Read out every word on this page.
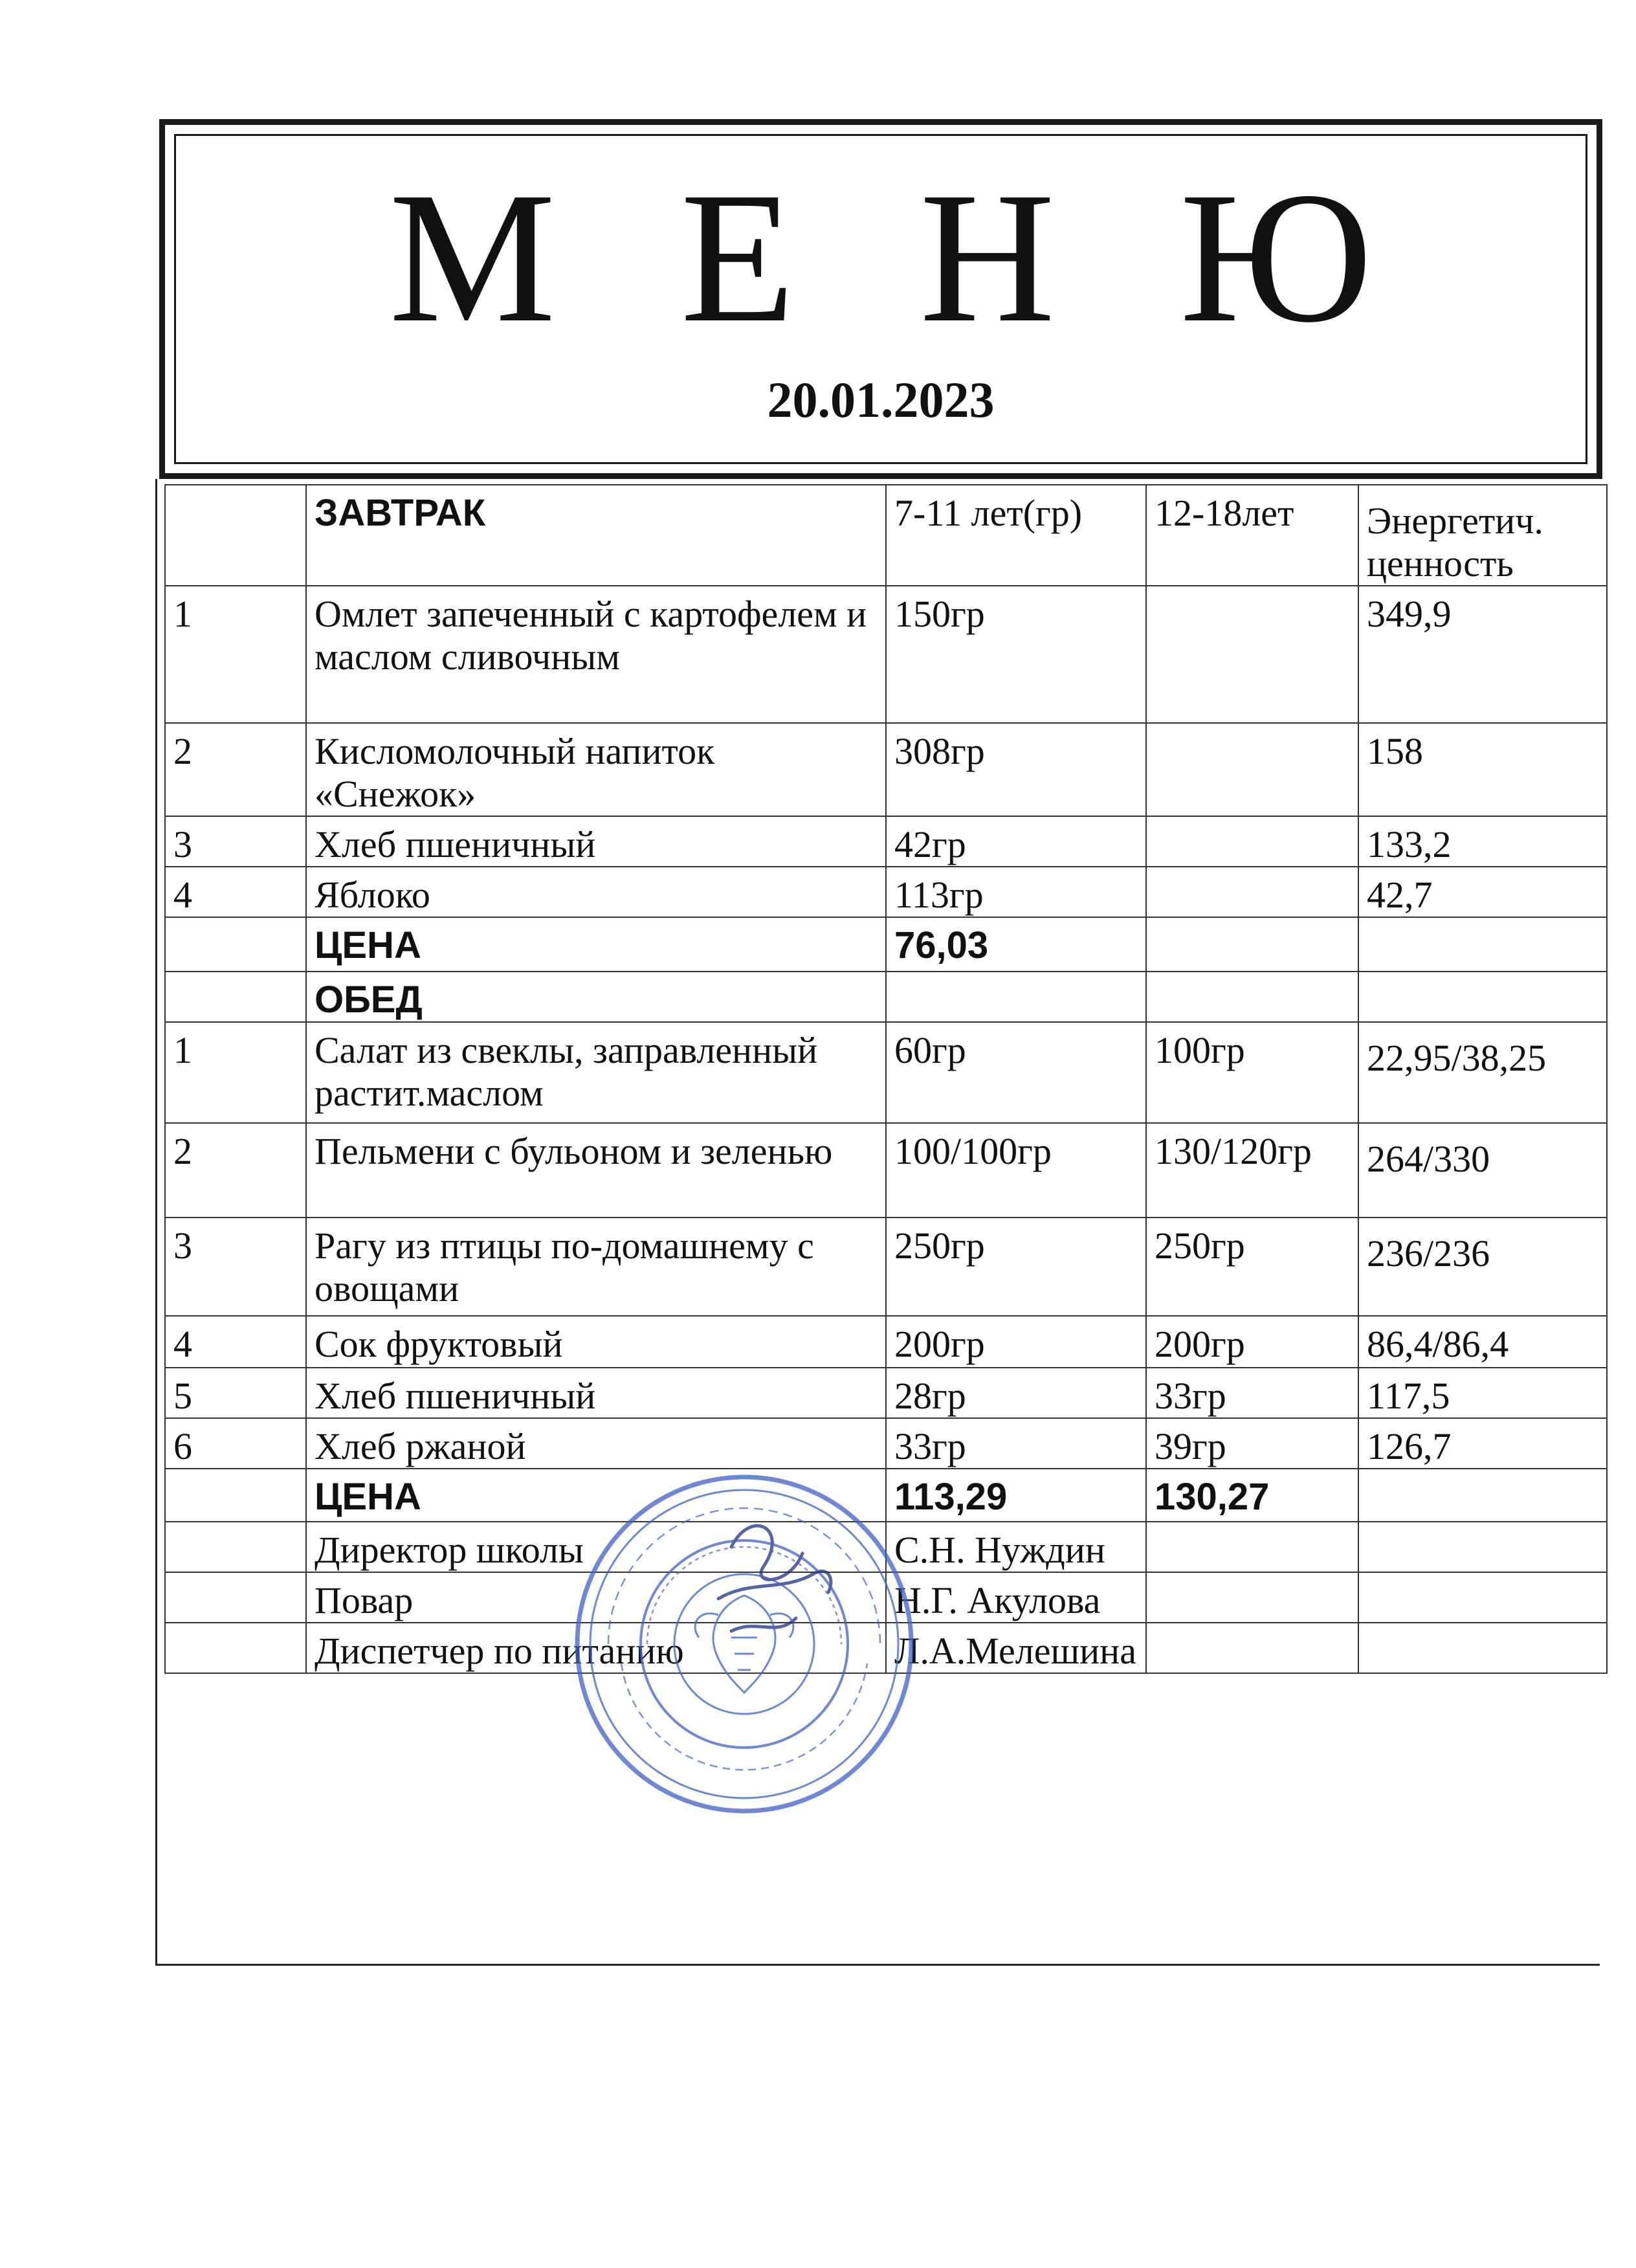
М Е Н Ю
20.01.2023
	ЗАВТРАК	7-11 лет(гр)	12-18лет	Энергетич. ценность
1	Омлет запеченный с картофелем и маслом сливочным	150гр		349,9
2	Кисломолочный напиток «Снежок»	308гр		158
3	Хлеб пшеничный	42гр		133,2
4	Яблоко	113гр		42,7
	ЦЕНА	76,03		
	ОБЕД			
1	Салат из свеклы, заправленный растит.маслом	60гр	100гр	22,95/38,25
2	Пельмени с бульоном и зеленью	100/100гр	130/120гр	264/330
3	Рагу из птицы по-домашнему с овощами	250гр	250гр	236/236
4	Сок фруктовый	200гр	200гр	86,4/86,4
5	Хлеб пшеничный	28гр	33гр	117,5
6	Хлеб ржаной	33гр	39гр	126,7
	ЦЕНА	113,29	130,27	
	Директор школы	С.Н. Нуждин		
	Повар	Н.Г. Акулова		
	Диспетчер по питанию	Л.А.Мелешина		
